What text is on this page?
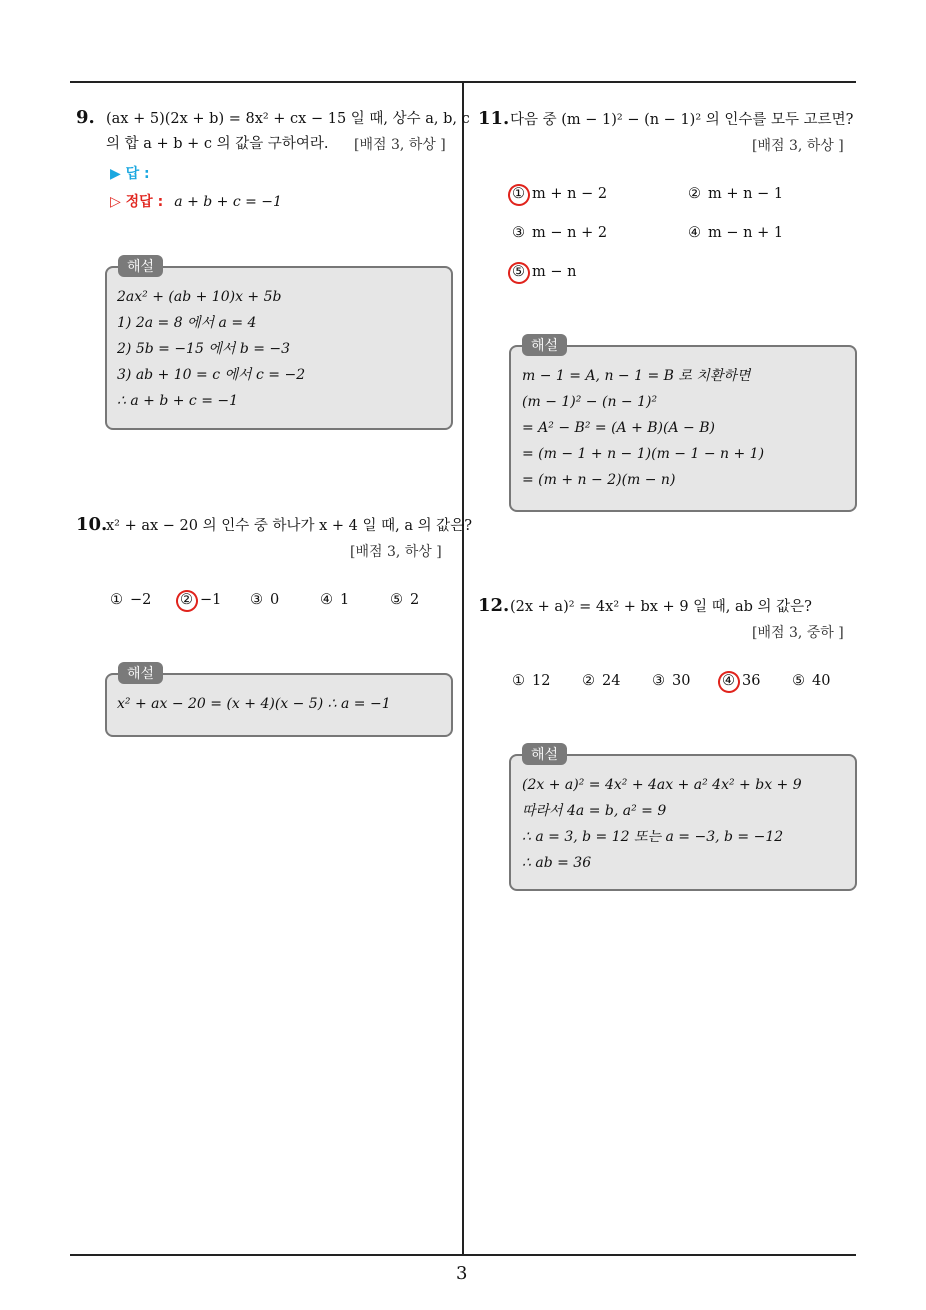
3
9. (ax + 5)(2x + b) = 8x² + cx − 15 일 때, 상수 a, b, c
의 합 a + b + c 의 값을 구하여라. [배점 3, 하상 ]
▶ 답 :
▷ 정답 : a + b + c = −1
해설
2ax² + (ab + 10)x + 5b
1) 2a = 8 에서 a = 4
2) 5b = −15 에서 b = −3
3) ab + 10 = c 에서 c = −2
∴ a + b + c = −1
10.
x² + ax − 20 의 인수 중 하나가 x + 4 일 때, a 의 값은?
[배점 3, 하상 ]
① −2 ② −1 ③ 0	④ 1	⑤ 2
해설
x² + ax − 20 = (x + 4)(x − 5) ∴ a = −1
11. 다음 중 (m − 1)² − (n − 1)² 의 인수를 모두 고르면?
[배점 3, 하상 ]
① m + n − 2	② m + n − 1
③ m − n + 2	④ m − n + 1
⑤ m − n
해설
m − 1 = A, n − 1 = B 로 치환하면
(m − 1)² − (n − 1)²
= A² − B² = (A + B)(A − B)
= (m − 1 + n − 1)(m − 1 − n + 1)
= (m + n − 2)(m − n)
12. (2x + a)² = 4x² + bx + 9 일 때, ab 의 값은?
[배점 3, 중하 ]
① 12 ② 24 ③ 30 ④ 36 ⑤ 40
해설
(2x + a)² = 4x² + 4ax + a² 4x² + bx + 9
따라서 4a = b, a² = 9
∴ a = 3, b = 12 또는 a = −3, b = −12
∴ ab = 36
